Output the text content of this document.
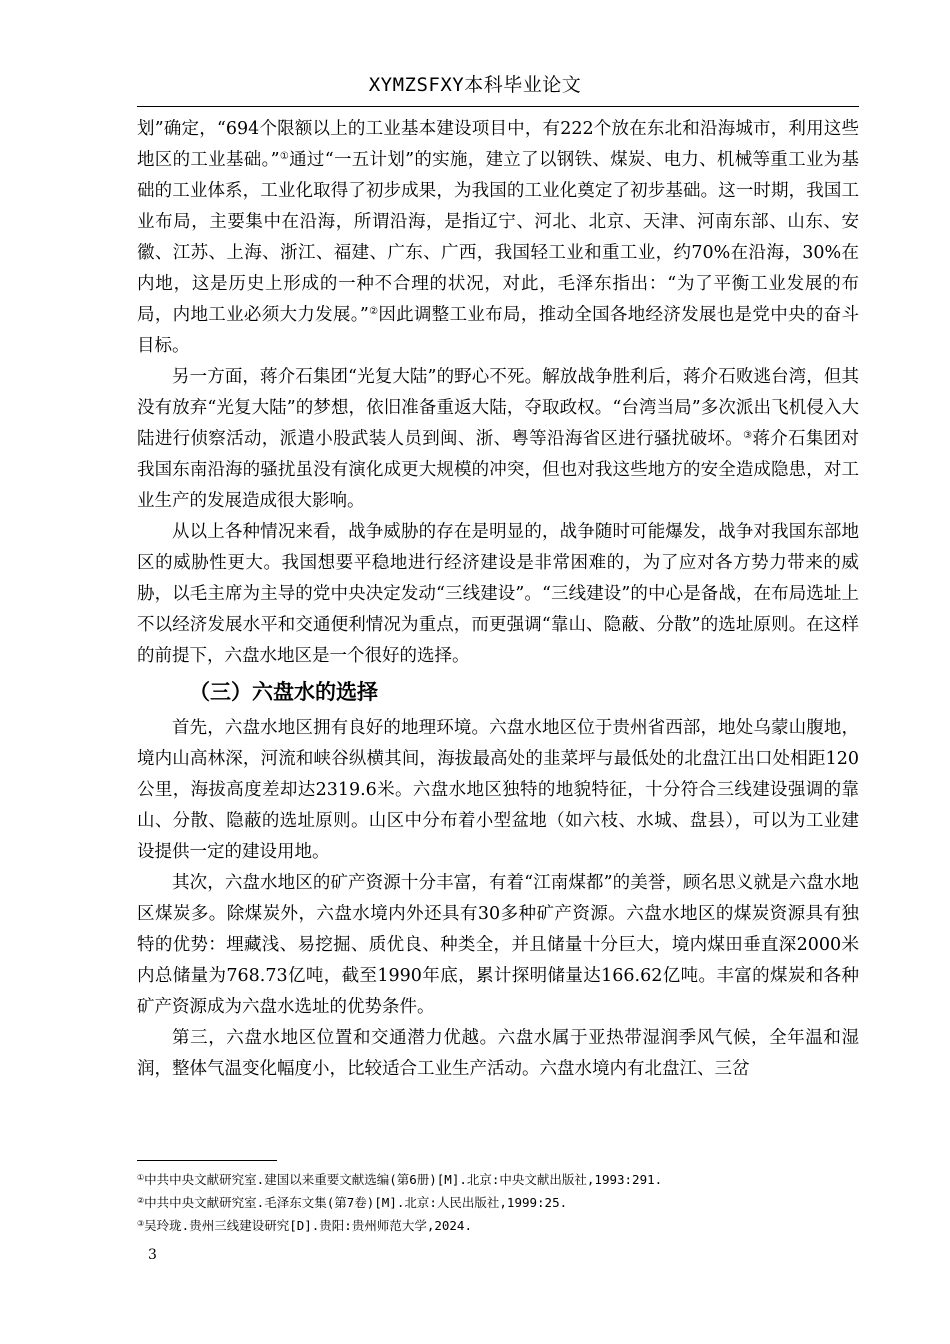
XYMZSFXY本科毕业论文

划”确定，“694个限额以上的工业基本建设项目中，有222个放在东北和沿海城市，利用这些地区的工业基础。”①通过“一五计划”的实施，建立了以钢铁、煤炭、电力、机械等重工业为基础的工业体系，工业化取得了初步成果，为我国的工业化奠定了初步基础。这一时期，我国工业布局，主要集中在沿海，所谓沿海，是指辽宁、河北、北京、天津、河南东部、山东、安徽、江苏、上海、浙江、福建、广东、广西，我国轻工业和重工业，约70%在沿海，30%在内地，这是历史上形成的一种不合理的状况，对此，毛泽东指出：“为了平衡工业发展的布局，内地工业必须大力发展。”②因此调整工业布局，推动全国各地经济发展也是党中央的奋斗目标。

另一方面，蒋介石集团“光复大陆”的野心不死。解放战争胜利后，蒋介石败逃台湾，但其没有放弃“光复大陆”的梦想，依旧准备重返大陆，夺取政权。“台湾当局”多次派出飞机侵入大陆进行侦察活动，派遣小股武装人员到闽、浙、粤等沿海省区进行骚扰破坏。③蒋介石集团对我国东南沿海的骚扰虽没有演化成更大规模的冲突，但也对我这些地方的安全造成隐患，对工业生产的发展造成很大影响。

从以上各种情况来看，战争威胁的存在是明显的，战争随时可能爆发，战争对我国东部地区的威胁性更大。我国想要平稳地进行经济建设是非常困难的，为了应对各方势力带来的威胁，以毛主席为主导的党中央决定发动“三线建设”。“三线建设”的中心是备战，在布局选址上不以经济发展水平和交通便利情况为重点，而更强调“靠山、隐蔽、分散”的选址原则。在这样的前提下，六盘水地区是一个很好的选择。

（三）六盘水的选择

首先，六盘水地区拥有良好的地理环境。六盘水地区位于贵州省西部，地处乌蒙山腹地，境内山高林深，河流和峡谷纵横其间，海拔最高处的韭菜坪与最低处的北盘江出口处相距120公里，海拔高度差却达2319.6米。六盘水地区独特的地貌特征，十分符合三线建设强调的靠山、分散、隐蔽的选址原则。山区中分布着小型盆地（如六枝、水城、盘县），可以为工业建设提供一定的建设用地。

其次，六盘水地区的矿产资源十分丰富，有着“江南煤都”的美誉，顾名思义就是六盘水地区煤炭多。除煤炭外，六盘水境内外还具有30多种矿产资源。六盘水地区的煤炭资源具有独特的优势：埋藏浅、易挖掘、质优良、种类全，并且储量十分巨大，境内煤田垂直深2000米内总储量为768.73亿吨，截至1990年底，累计探明储量达166.62亿吨。丰富的煤炭和各种矿产资源成为六盘水选址的优势条件。

第三，六盘水地区位置和交通潜力优越。六盘水属于亚热带湿润季风气候，全年温和湿润，整体气温变化幅度小，比较适合工业生产活动。六盘水境内有北盘江、三岔

①中共中央文献研究室.建国以来重要文献选编(第6册)[M].北京:中央文献出版社,1993:291.
②中共中央文献研究室.毛泽东文集(第7卷)[M].北京:人民出版社,1999:25.
③吴玲珑.贵州三线建设研究[D].贵阳:贵州师范大学,2024.
3
